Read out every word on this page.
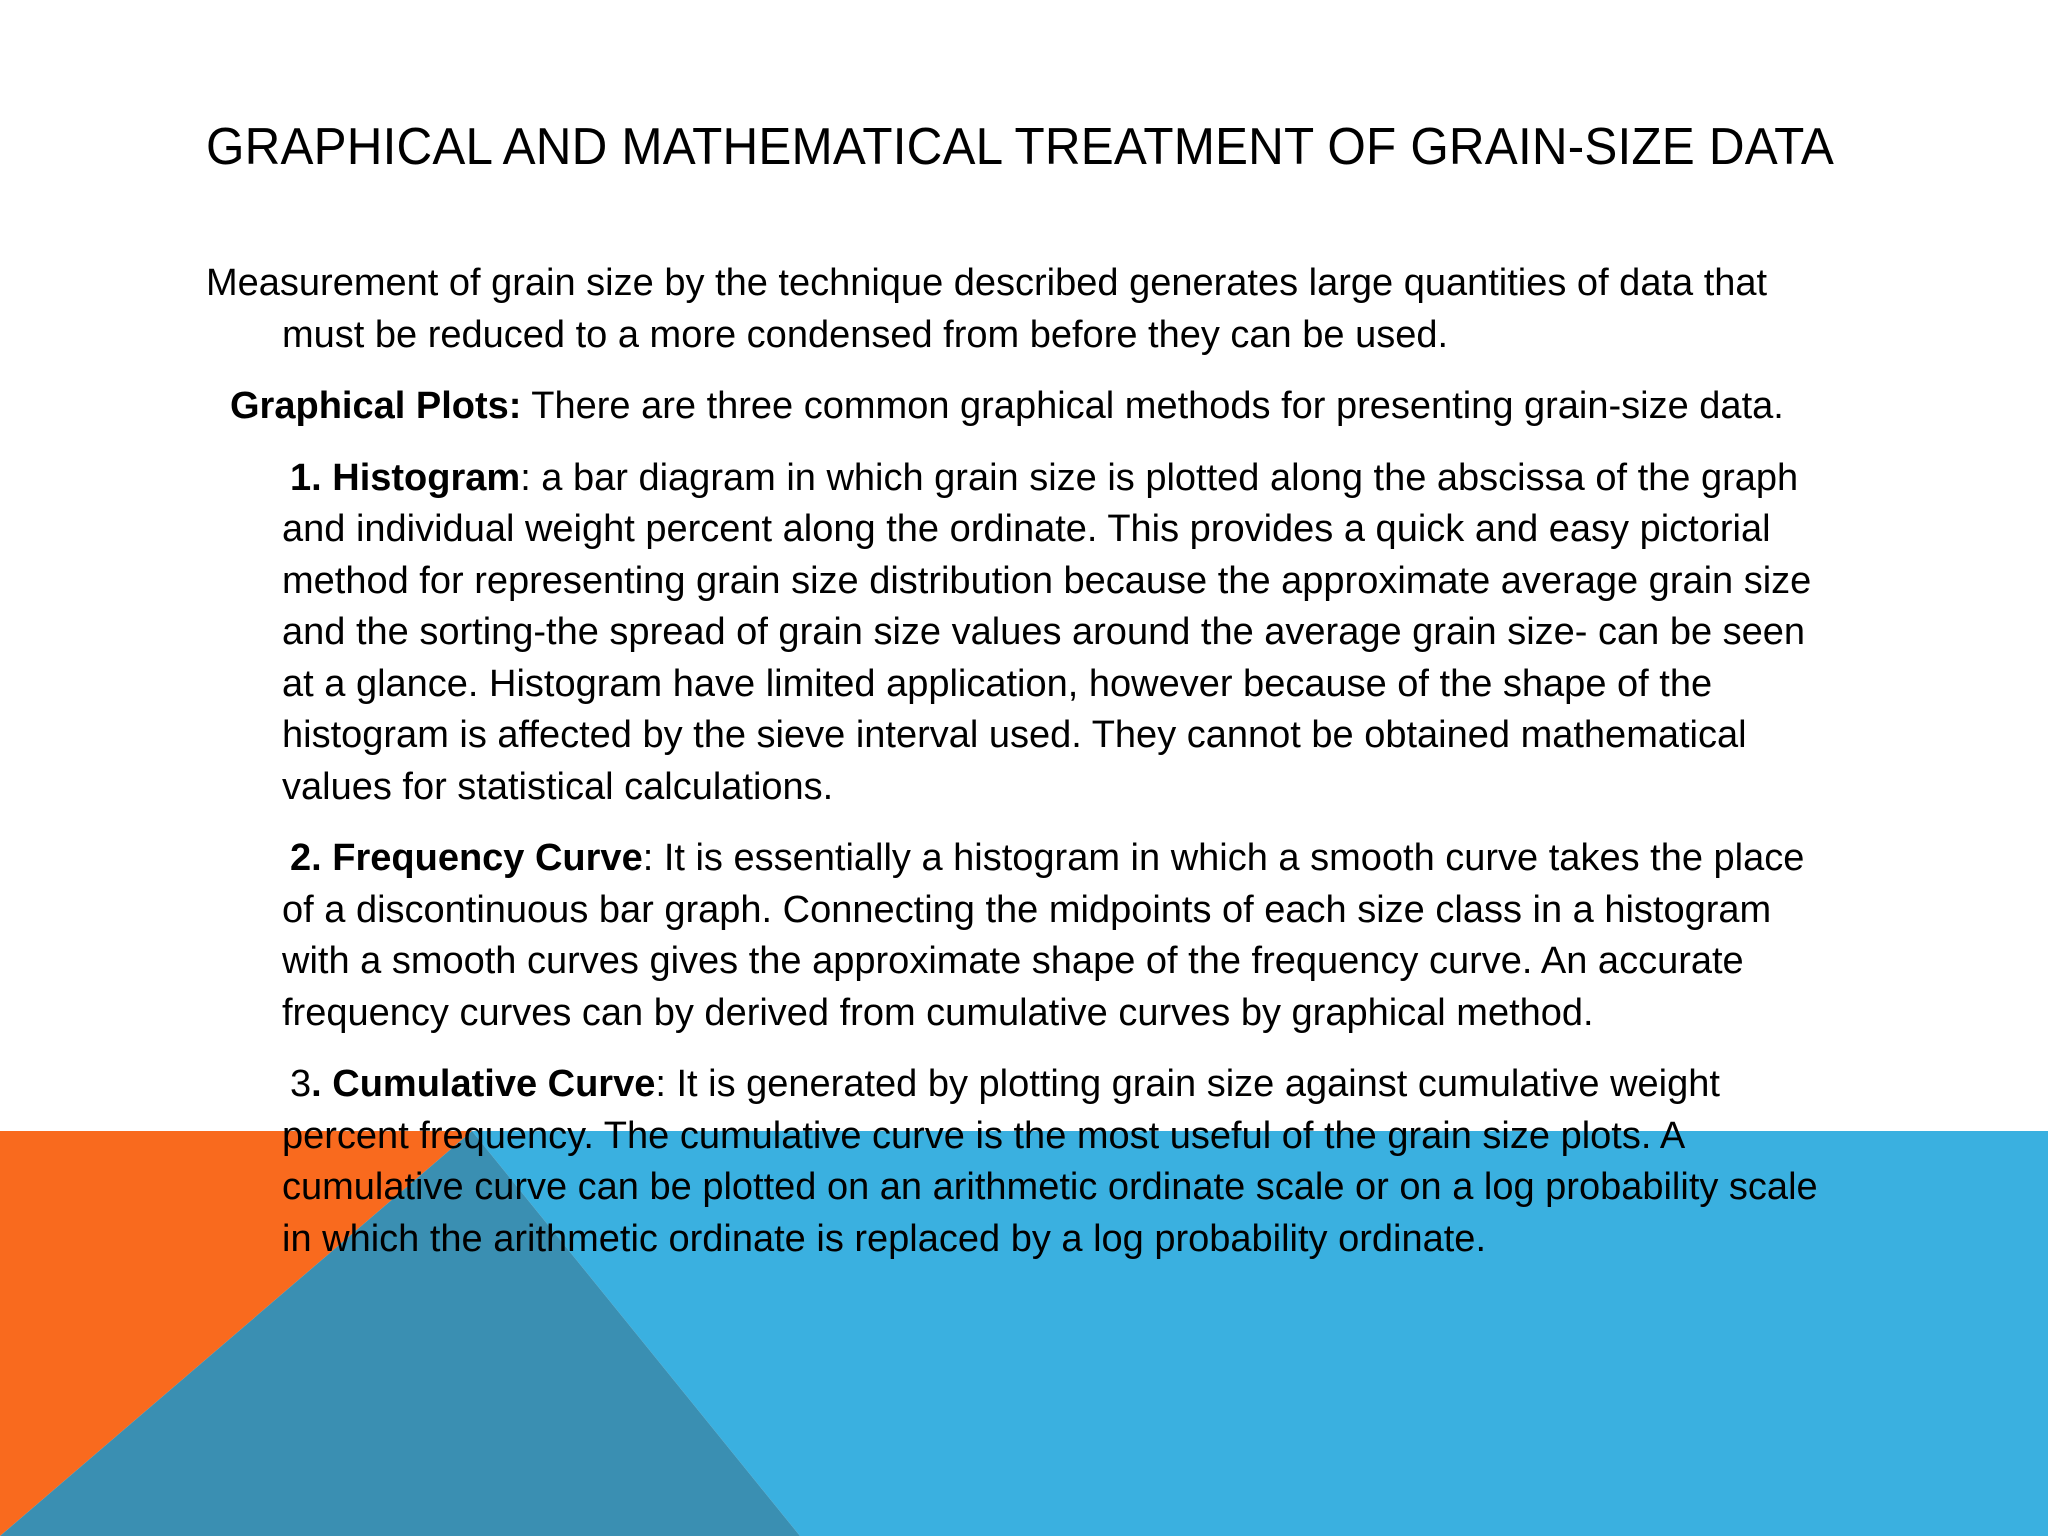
GRAPHICAL AND MATHEMATICAL TREATMENT OF GRAIN-SIZE DATA

Measurement of grain size by the technique described generates large quantities of data that must be reduced to a more condensed from before they can be used.

Graphical Plots: There are three common graphical methods for presenting grain-size data.

1. Histogram: a bar diagram in which grain size is plotted along the abscissa of the graph and individual weight percent along the ordinate. This provides a quick and easy pictorial method for representing grain size distribution because the approximate average grain size and the sorting-the spread of grain size values around the average grain size- can be seen at a glance. Histogram have limited application, however because of the shape of the histogram is affected by the sieve interval used. They cannot be obtained mathematical values for statistical calculations.

2. Frequency Curve: It is essentially a histogram in which a smooth curve takes the place of a discontinuous bar graph. Connecting the midpoints of each size class in a histogram with a smooth curves gives the approximate shape of the frequency curve. An accurate frequency curves can by derived from cumulative curves by graphical method.

3. Cumulative Curve: It is generated by plotting grain size against cumulative weight percent frequency. The cumulative curve is the most useful of the grain size plots. A cumulative curve can be plotted on an arithmetic ordinate scale or on a log probability scale in which the arithmetic ordinate is replaced by a log probability ordinate.
